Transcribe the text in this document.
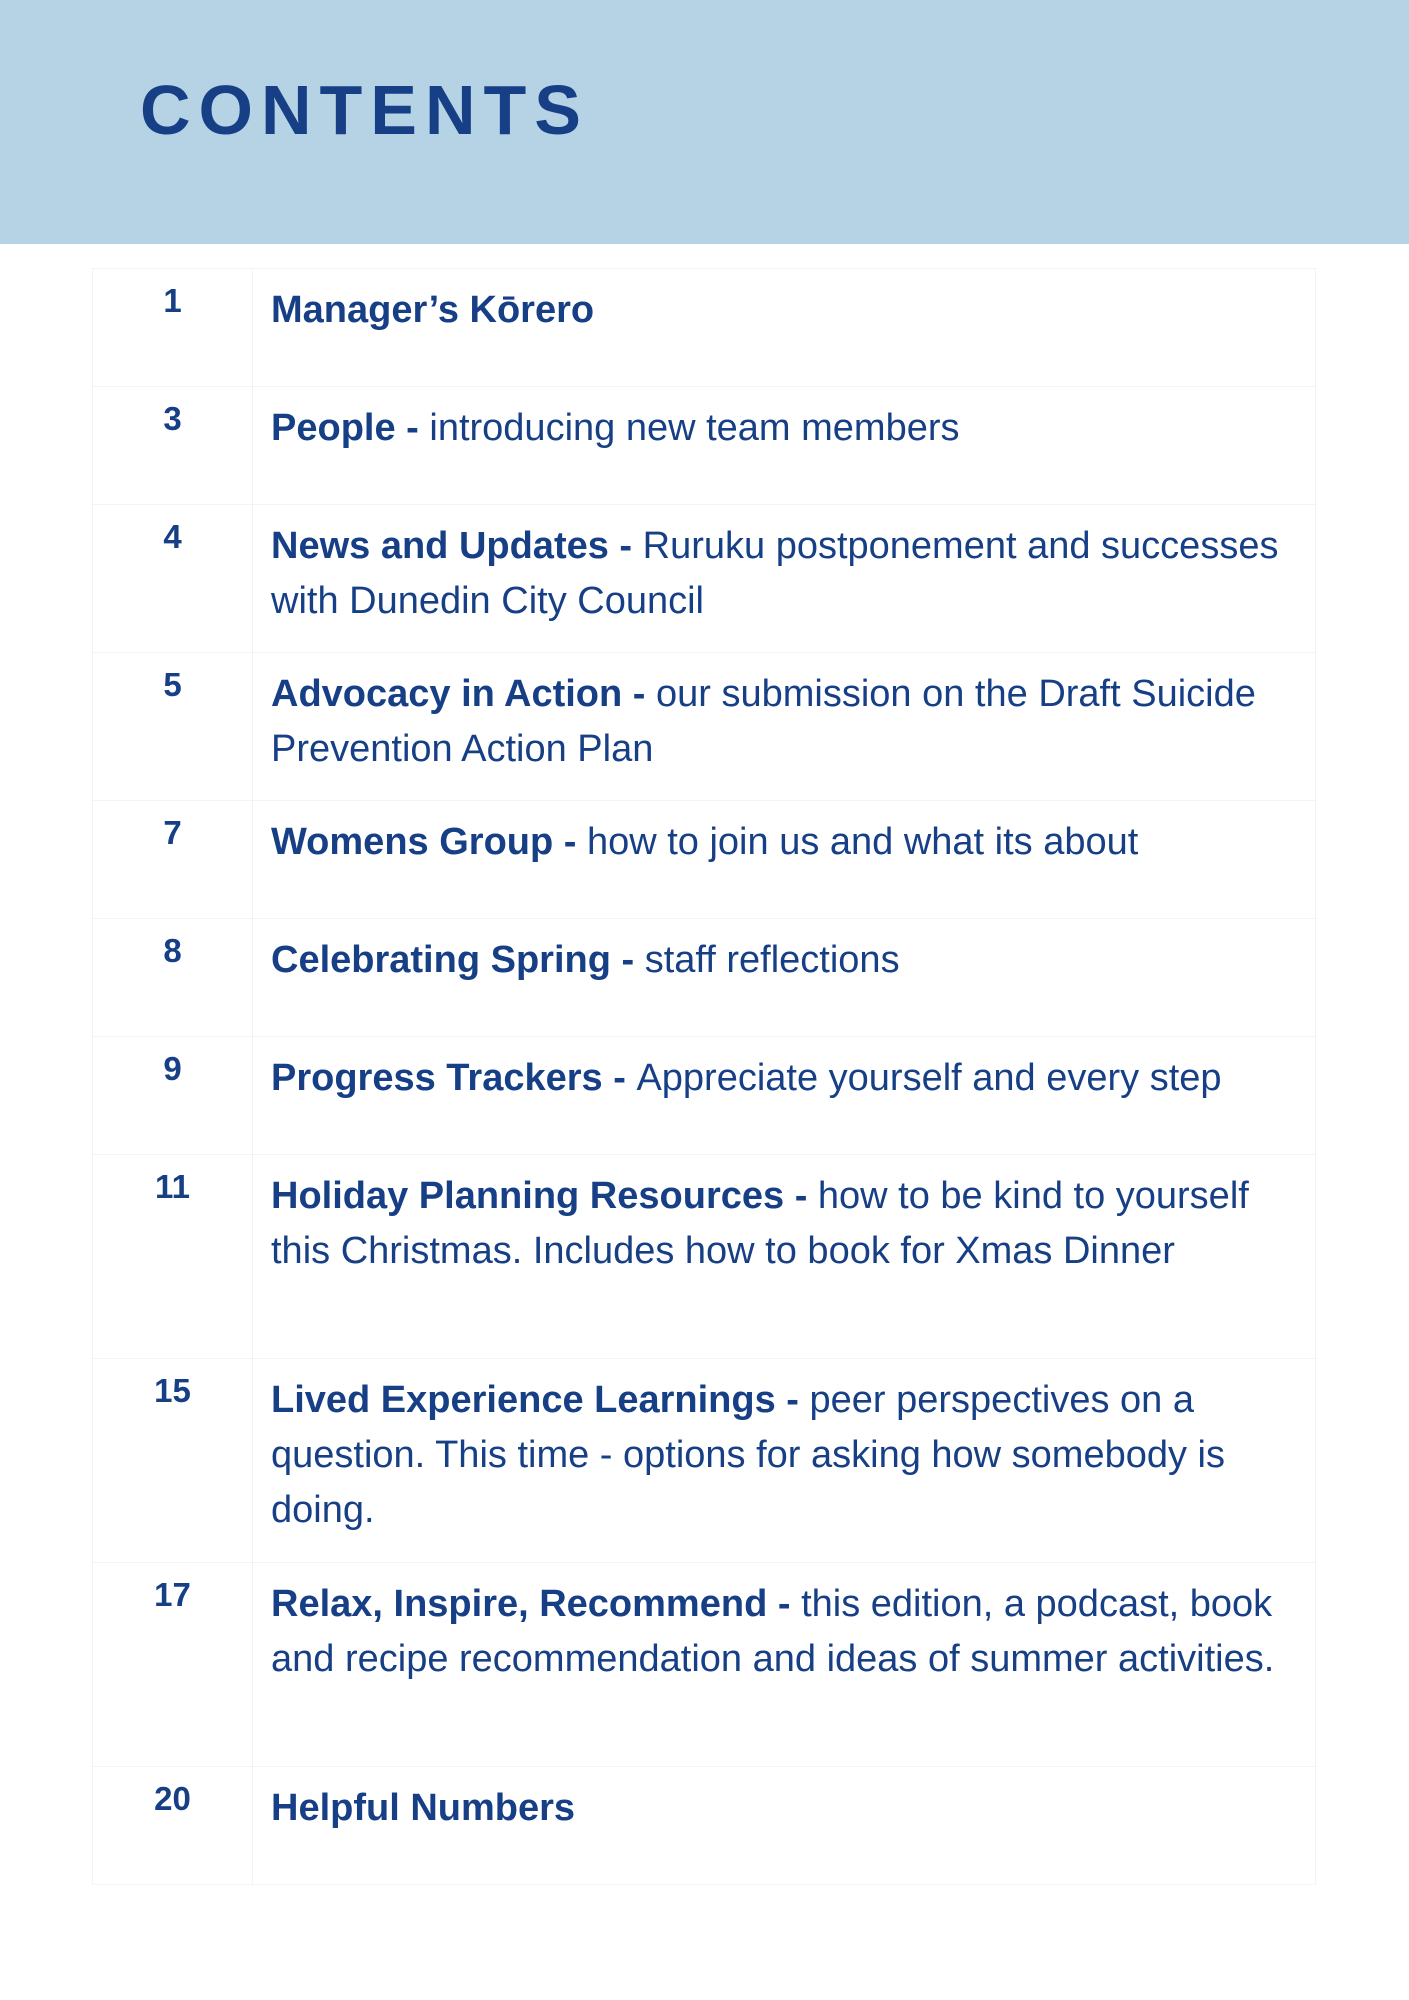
CONTENTS
1	Manager’s Kōrero
3	People - introducing new team members
4	News and Updates - Ruruku postponement and successes with Dunedin City Council
5	Advocacy in Action - our submission on the Draft Suicide Prevention Action Plan
7	Womens Group - how to join us and what its about
8	Celebrating Spring - staff reflections
9	Progress Trackers - Appreciate yourself and every step
11	Holiday Planning Resources - how to be kind to yourself this Christmas. Includes how to book for Xmas Dinner
15	Lived Experience Learnings - peer perspectives on a question. This time - options for asking how somebody is doing.
17	Relax, Inspire, Recommend - this edition, a podcast, book and recipe recommendation and ideas of summer activities.
20	Helpful Numbers
